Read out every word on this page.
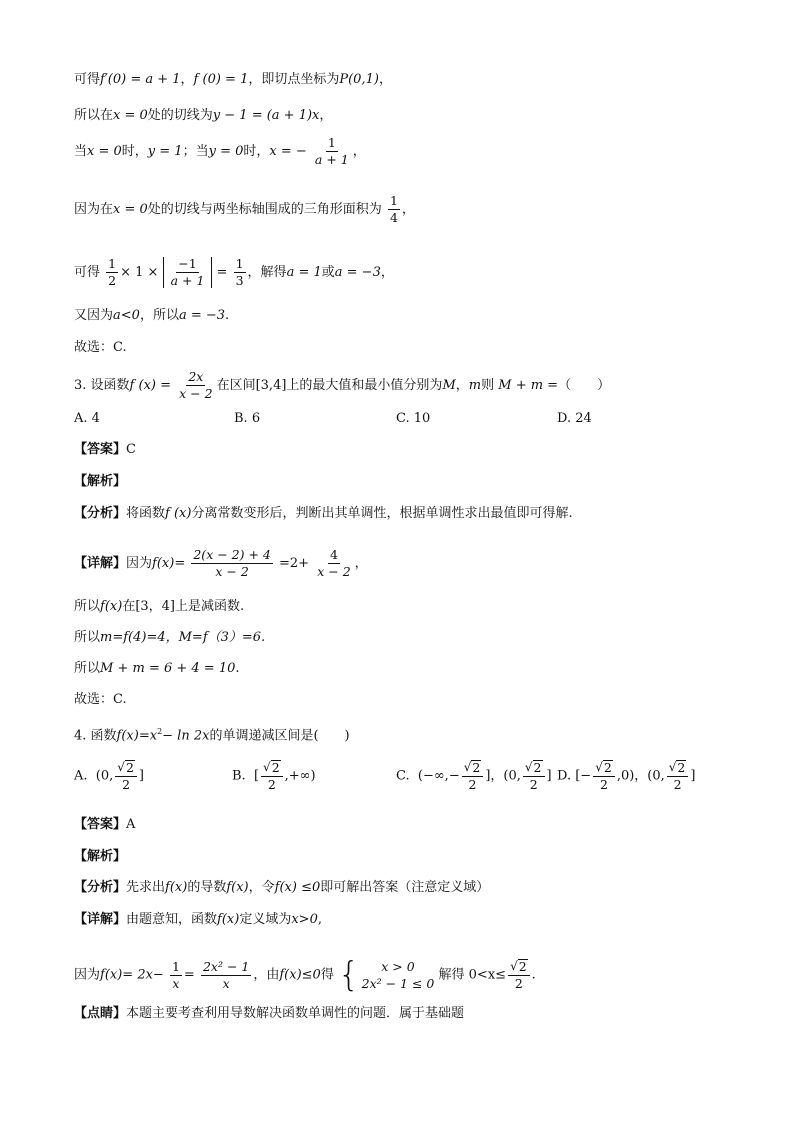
可得f′(0) = a + 1，f (0) = 1，即切点坐标为P(0,1)，
所以在x = 0处的切线为y − 1 = (a + 1)x，
当x = 0时，y = 1；当y = 0时，x = − $\frac{1}{a + 1}$ ，
因为在x = 0处的切线与两坐标轴围成的三角形面积为 $\frac{1}{4}$ ，
可得 $\frac{1}{2} \times 1 \times \frac{-1}{a + 1} = \frac{1}{3}$ ，解得a = 1或a = −3，
又因为a<0，所以a = −3.
故选：C.
3. 设函数f $(x) = \frac{2x}{x - 2}$ 在区间[3,4]上的最大值和最小值分别为M，m则 M + m =（　　）
A. 4	B. 6	C. 10	D. 24
【答案】C
【解析】
【分析】将函数f (x)分离常数变形后，判断出其单调性，根据单调性求出最值即可得解.
【详解】因为$f(x)= \frac{2(x - 2) + 4}{x - 2} =2+ \frac{4}{x - 2}$ ，
所以f(x)在[3，4]上是减函数.
所以m=f(4)=4，M=f（3）=6.
所以M + m = 6 + 4 = 10.
故选：C.
4. 函数$f(x)=x^2- \ln 2x$的单调递减区间是(　　)
A. (0, $\frac{√ 2}{2}$ ]	B. [ $\frac{√ 2}{2}$ ,+∞)	C. (−∞,− $\frac{√ 2}{2}$ ]，(0, $\frac{√ 2}{2}$ ] D. [− $\frac{√ 2}{2} ,0$)，(0, $\frac{√ 2}{2}$ ]
【答案】A
【解析】
【分析】先求出f(x)的导数f(x)，令f(x) ≤0即可解出答案（注意定义域）
【详解】由题意知，函数f(x)定义域为x>0,
因为$f(x)= 2x- \frac{1}{x} = \frac{\text{2x² − 1}}{x}$ ，由f(x)≤0得 {	x > 0
2x² − 1 ≤ 0
解得 $0<x\le \frac{√ 2}{2}$ .
【点睛】本题主要考查利用导数解决函数单调性的问题．属于基础题
